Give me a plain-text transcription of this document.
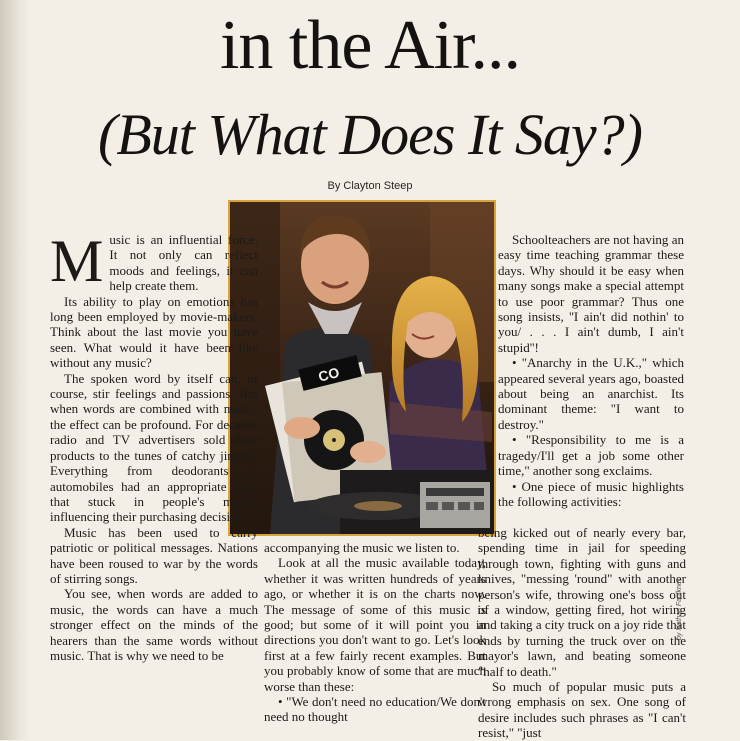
in the Air...
(But What Does It Say?)
By Clayton Steep
CO

Music is an influential force. It not only can reflect moods and feelings, it can help create them.

Its ability to play on emotions has long been employed by movie-makers. Think about the last movie you have seen. What would it have been like without any music?

The spoken word by itself can, of course, stir feelings and passions. But when words are combined with music, the effect can be profound. For decades radio and TV advertisers sold their products to the tunes of catchy jingles. Everything from deodorants to automobiles had an appropriate ditty that stuck in people's minds, influencing their purchasing decisions.

Music has been used to carry patriotic or political messages. Nations have been roused to war by the words of stirring songs.

You see, when words are added to music, the words can have a much stronger effect on the minds of the hearers than the same words without music. That is why we need to be

accompanying the music we listen to.

Look at all the music available today, whether it was written hundreds of years ago, or whether it is on the charts now. The message of some of this music is good; but some of it will point you in directions you don't want to go. Let's look first at a few fairly recent examples. But you probably know of some that are much worse than these:

• "We don't need no education/We don't need no thought

Schoolteachers are not having an easy time teaching grammar these days. Why should it be easy when many songs make a special attempt to use poor grammar? Thus one song insists, ''I ain't did nothin' to you/ . . . I ain't dumb, I ain't stupid''!

• "Anarchy in the U.K.," which appeared several years ago, boasted about being an anarchist. Its dominant theme: "I want to destroy."

• "Responsibility to me is a tragedy/I'll get a job some other time," another song exclaims.

• One piece of music highlights the following activities:

being kicked out of nearly every bar, spending time in jail for speeding through town, fighting with guns and knives, "messing 'round" with another person's wife, throwing one's boss out of a window, getting fired, hot wiring and taking a city truck on a joy ride that ends by turning the truck over on the mayor's lawn, and beating someone "half to death."

So much of popular music puts a wrong emphasis on sex. One song of desire includes such phrases as "I can't resist," "just

by Nathan Faulkner
